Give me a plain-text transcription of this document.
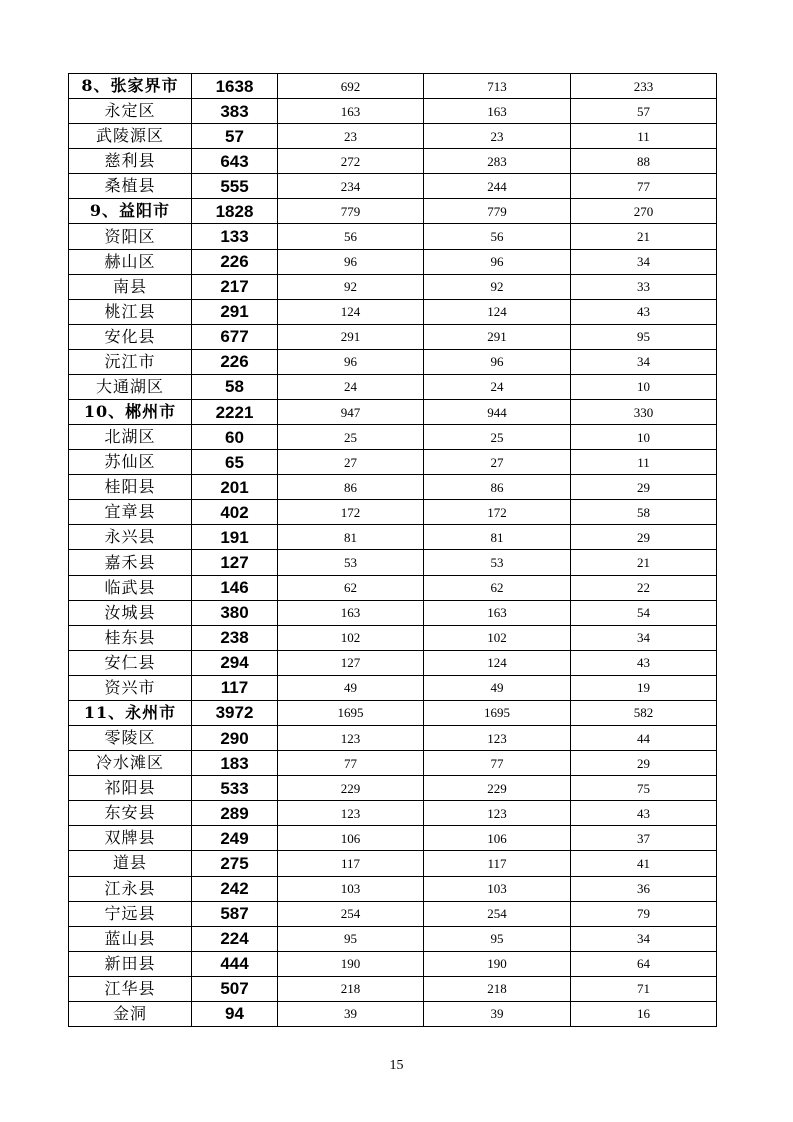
8、张家界市	1638	692	713	233
永定区	383	163	163	57
武陵源区	57	23	23	11
慈利县	643	272	283	88
桑植县	555	234	244	77
9、益阳市	1828	779	779	270
资阳区	133	56	56	21
赫山区	226	96	96	34
南县	217	92	92	33
桃江县	291	124	124	43
安化县	677	291	291	95
沅江市	226	96	96	34
大通湖区	58	24	24	10
10、郴州市	2221	947	944	330
北湖区	60	25	25	10
苏仙区	65	27	27	11
桂阳县	201	86	86	29
宜章县	402	172	172	58
永兴县	191	81	81	29
嘉禾县	127	53	53	21
临武县	146	62	62	22
汝城县	380	163	163	54
桂东县	238	102	102	34
安仁县	294	127	124	43
资兴市	117	49	49	19
11、永州市	3972	1695	1695	582
零陵区	290	123	123	44
冷水滩区	183	77	77	29
祁阳县	533	229	229	75
东安县	289	123	123	43
双牌县	249	106	106	37
道县	275	117	117	41
江永县	242	103	103	36
宁远县	587	254	254	79
蓝山县	224	95	95	34
新田县	444	190	190	64
江华县	507	218	218	71
金洞	94	39	39	16
15
